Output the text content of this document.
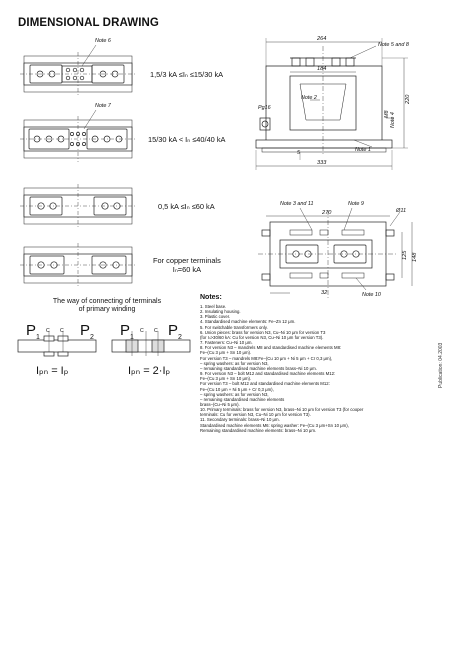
DIMENSIONAL DRAWING
Note 6
Note 7
1,5/3 kA ≤Iₙ ≤15/30 kA
15/30 kA < Iₙ ≤40/40 kA
0,5 kA ≤Iₙ ≤60 kA
For copper terminals
Iₙ=60 kA
264
Note 5 and 8
184
Note 2	220
Note 4
M8
Pg16
5	Note 1
333
Note 3 and 11	Note 9
Ø11
270
125 148
32	Note 10
The way of connecting of terminals
of primary winding
$P_1$
C C $P_2$ $P_1$
C C $P_2$
Iₚₙ = Iₚ	Iₚₙ = 2·Iₚ
Notes:
1. Steel base.
2. Insulating housing.
3. Plastic cover.
4. Standardised machine elements: Fe–Zn 12 μm.
5. For switchable transformers only.
6. Union pieces: brass for version N3, Cu–Ni 10 μm for version T3
(for Iₙ>30/60 kA: Cu for version N3, Cu–Ni 10 μm for version T3).
7. Fasteners: Cu–Ni 10 μm.
8. For version N3 – mandrels M8 and standardised machine elements M8:
Fe–(Cu 3 μm + Sn 10 μm).
For version T3 – mandrels M8:Fe–(Cu 10 μm + Ni 5 μm + Cr 0,3 μm),
– spring washers: as for version N3,
– remaining standardised machine elements brass–Ni 10 μm.
9. For version N3 – bolt M12 and standardised machine elements M12:
Fe–(Cu 3 μm + Sn 10 μm).
For version T3 – bolt M12 and standardised machine elements M12:
Fe–(Cu 10 μm + Ni 5 μm + Cr 0,3 μm),
– spring washers: as for version N3,
– remaining standardised machine elements
brass–(Cu–Ni 5 μm).
10. Primary terminals: brass for version N3, brass–Ni 10 μm for version T3 (for cooper
terminals: Cu for version N3, Cu–Ni 10 μm for version T3).
11. Secondary terminals: brass–Ni 10 μm.
Standardised machine elements M6: spring washer: Fe–(Cu 3 μm+Sn 10 μm),
Remaining standardised machine elements: brass–Ni 10 μm.
Publication: 04.2003
